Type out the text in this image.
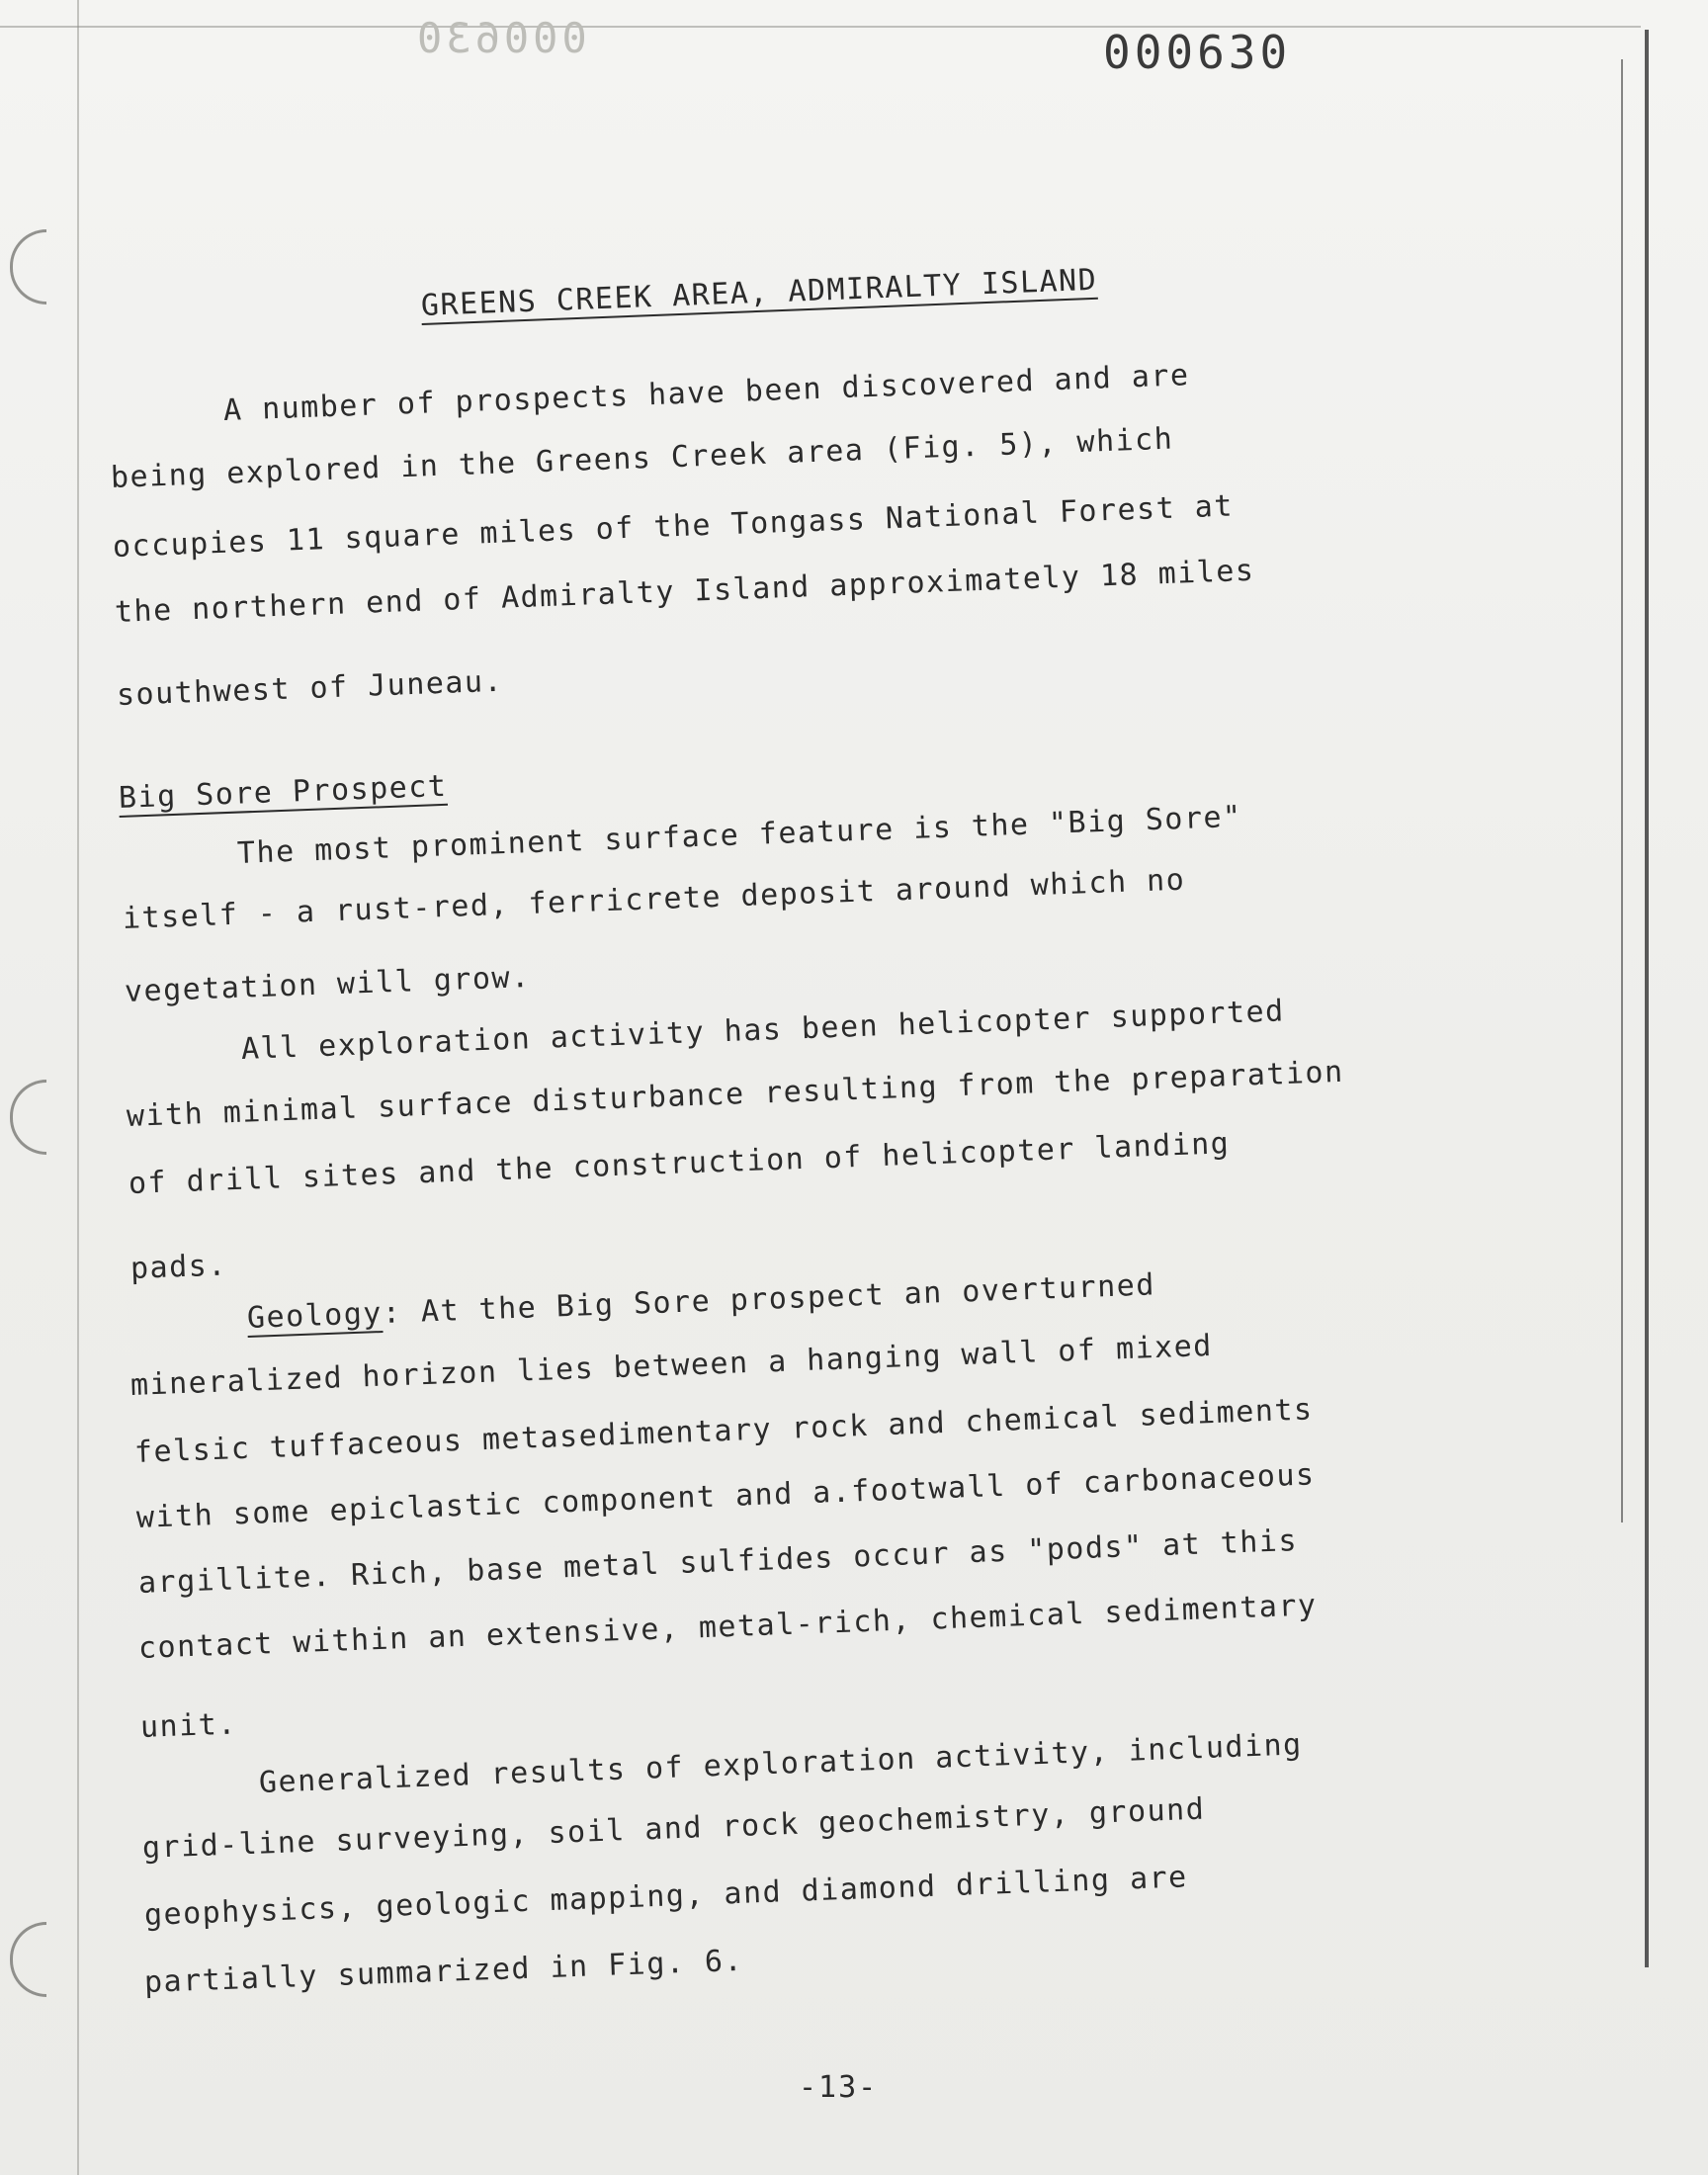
000630	000630
GREENS CREEK AREA, ADMIRALTY ISLAND
A number of prospects have been discovered and are
being explored in the Greens Creek area (Fig. 5), which
occupies 11 square miles of the Tongass National Forest at
the northern end of Admiralty Island approximately 18 miles
southwest of Juneau.
Big Sore Prospect
The most prominent surface feature is the "Big Sore"
itself - a rust-red, ferricrete deposit around which no
vegetation will grow.
All exploration activity has been helicopter supported
with minimal surface disturbance resulting from the preparation
of drill sites and the construction of helicopter landing
pads.
Geology: At the Big Sore prospect an overturned
mineralized horizon lies between a hanging wall of mixed
felsic tuffaceous metasedimentary rock and chemical sediments
with some epiclastic component and a.footwall of carbonaceous
argillite. Rich, base metal sulfides occur as "pods" at this
contact within an extensive, metal-rich, chemical sedimentary
unit.
Generalized results of exploration activity, including
grid-line surveying, soil and rock geochemistry, ground
geophysics, geologic mapping, and diamond drilling are
partially summarized in Fig. 6.
-13-
